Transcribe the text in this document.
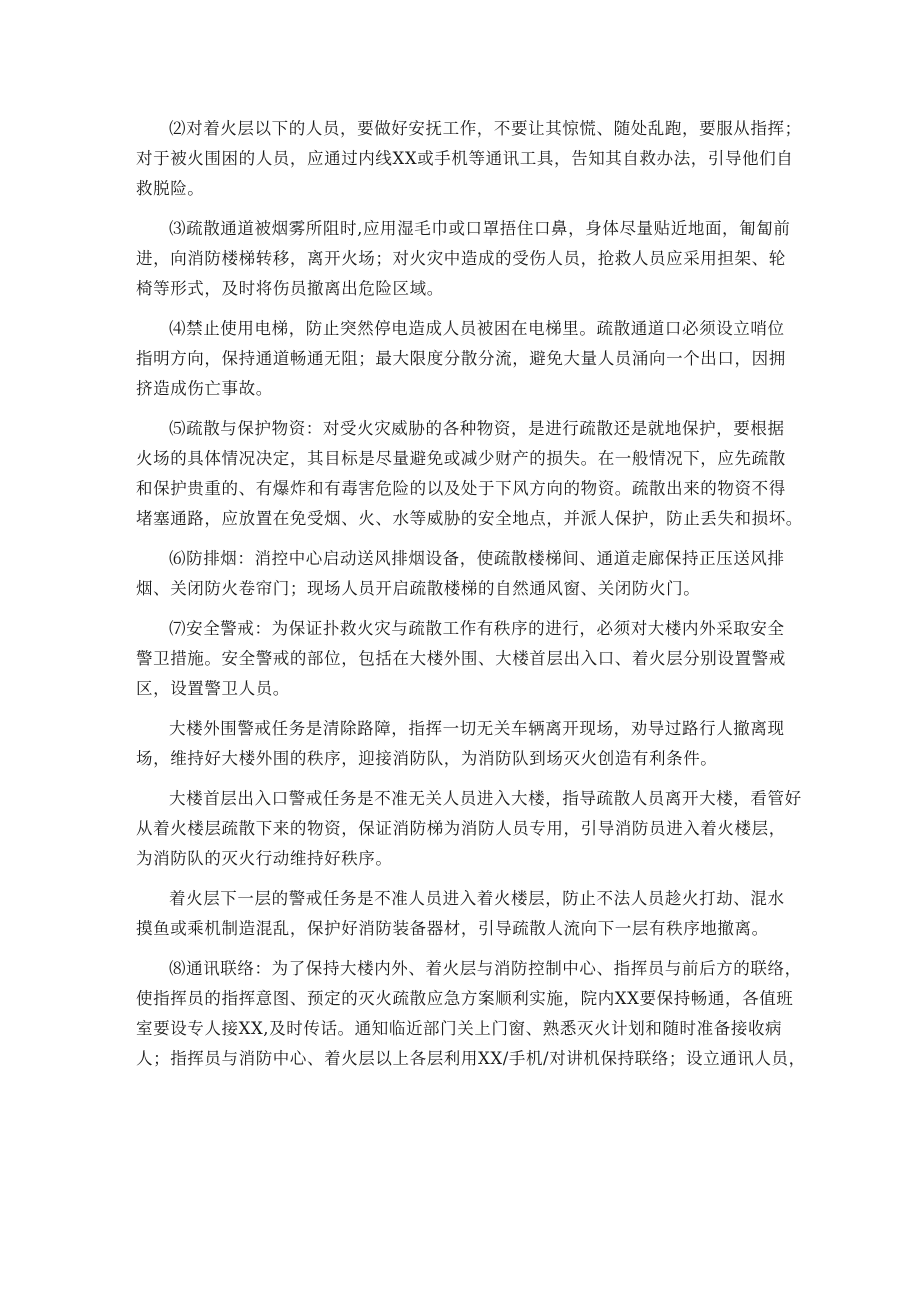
⑵对着火层以下的人员，要做好安抚工作，不要让其惊慌、随处乱跑，要服从指挥；
对于被火围困的人员，应通过内线XX或手机等通讯工具，告知其自救办法，引导他们自
救脱险。
⑶疏散通道被烟雾所阻时,应用湿毛巾或口罩捂住口鼻，身体尽量贴近地面，匍匐前
进，向消防楼梯转移，离开火场；对火灾中造成的受伤人员，抢救人员应采用担架、轮
椅等形式，及时将伤员撤离出危险区域。
⑷禁止使用电梯，防止突然停电造成人员被困在电梯里。疏散通道口必须设立哨位
指明方向，保持通道畅通无阻；最大限度分散分流，避免大量人员涌向一个出口，因拥
挤造成伤亡事故。
⑸疏散与保护物资：对受火灾威胁的各种物资，是进行疏散还是就地保护，要根据
火场的具体情况决定，其目标是尽量避免或减少财产的损失。在一般情况下，应先疏散
和保护贵重的、有爆炸和有毒害危险的以及处于下风方向的物资。疏散出来的物资不得
堵塞通路，应放置在免受烟、火、水等威胁的安全地点，并派人保护，防止丢失和损坏。
⑹防排烟：消控中心启动送风排烟设备，使疏散楼梯间、通道走廊保持正压送风排
烟、关闭防火卷帘门；现场人员开启疏散楼梯的自然通风窗、关闭防火门。
⑺安全警戒：为保证扑救火灾与疏散工作有秩序的进行，必须对大楼内外采取安全
警卫措施。安全警戒的部位，包括在大楼外围、大楼首层出入口、着火层分别设置警戒
区，设置警卫人员。
大楼外围警戒任务是清除路障，指挥一切无关车辆离开现场，劝导过路行人撤离现
场，维持好大楼外围的秩序，迎接消防队，为消防队到场灭火创造有利条件。
大楼首层出入口警戒任务是不准无关人员进入大楼，指导疏散人员离开大楼，看管好
从着火楼层疏散下来的物资，保证消防梯为消防人员专用，引导消防员进入着火楼层，
为消防队的灭火行动维持好秩序。
着火层下一层的警戒任务是不准人员进入着火楼层，防止不法人员趁火打劫、混水
摸鱼或乘机制造混乱，保护好消防装备器材，引导疏散人流向下一层有秩序地撤离。
⑻通讯联络：为了保持大楼内外、着火层与消防控制中心、指挥员与前后方的联络，
使指挥员的指挥意图、预定的灭火疏散应急方案顺利实施，院内XX要保持畅通，各值班
室要设专人接XX,及时传话。通知临近部门关上门窗、熟悉灭火计划和随时准备接收病
人；指挥员与消防中心、着火层以上各层利用XX/手机/对讲机保持联络；设立通讯人员，
